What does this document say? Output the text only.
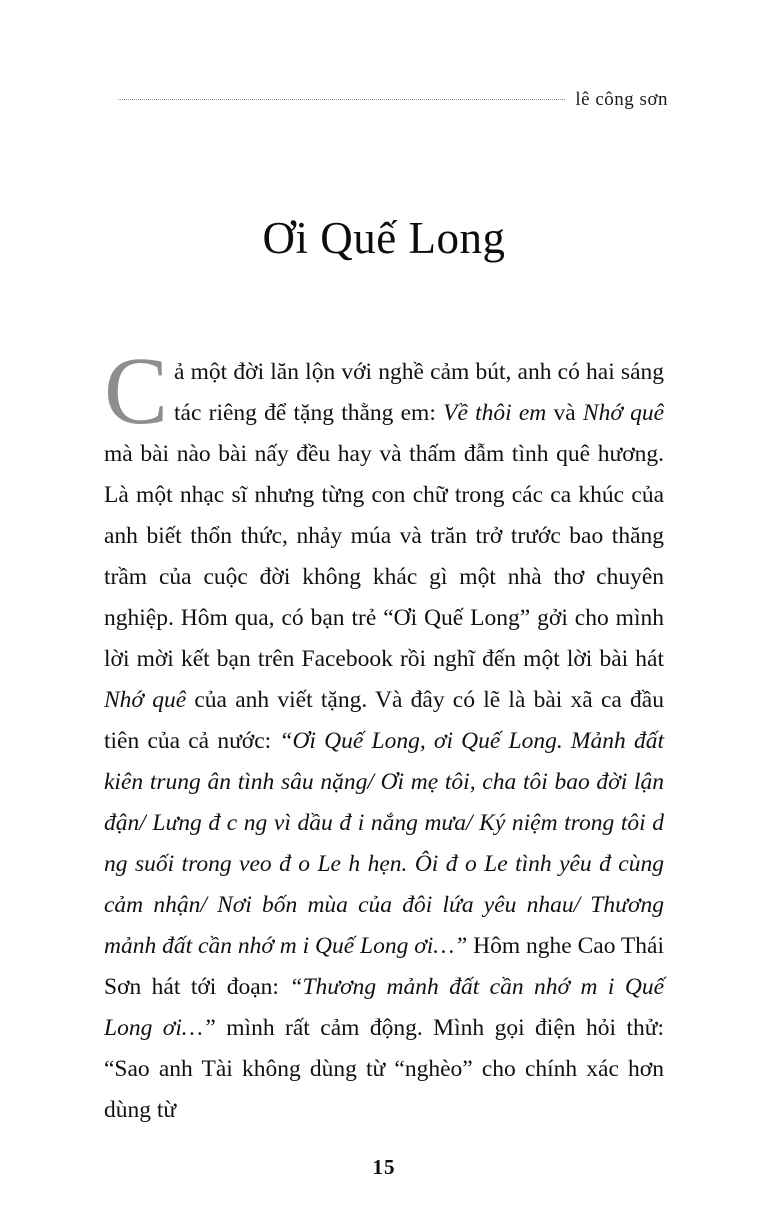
lê công sơn
Ơi Quế Long

Cả một đời lăn lộn với nghề cảm bút, anh có hai sáng tác riêng để tặng thằng em: Về thôi em và Nhớ quê mà bài nào bài nấy đều hay và thấm đẫm tình quê hương. Là một nhạc sĩ nhưng từng con chữ trong các ca khúc của anh biết thổn thức, nhảy múa và trăn trở trước bao thăng trầm của cuộc đời không khác gì một nhà thơ chuyên nghiệp. Hôm qua, có bạn trẻ “Ơi Quế Long” gởi cho mình lời mời kết bạn trên Facebook rồi nghĩ đến một lời bài hát Nhớ quê của anh viết tặng. Và đây có lẽ là bài xã ca đầu tiên của cả nước: “Ơi Quế Long, ơi Quế Long. Mảnh đất kiên trung ân tình sâu nặng/ Ơi mẹ tôi, cha tôi bao đời lận đận/ Lưng đ c ng vì dầu đ i nắng mưa/ Ký niệm trong tôi d ng suối trong veo đ o Le h hẹn. Ôi đ o Le tình yêu đ cùng cảm nhận/ Nơi bốn mùa của đôi lứa yêu nhau/ Thương mảnh đất cần nhớ m i Quế Long ơi…” Hôm nghe Cao Thái Sơn hát tới đoạn: “Thương mảnh đất cần nhớ m i Quế Long ơi…” mình rất cảm động. Mình gọi điện hỏi thử: “Sao anh Tài không dùng từ “nghèo” cho chính xác hơn dùng từ

15
